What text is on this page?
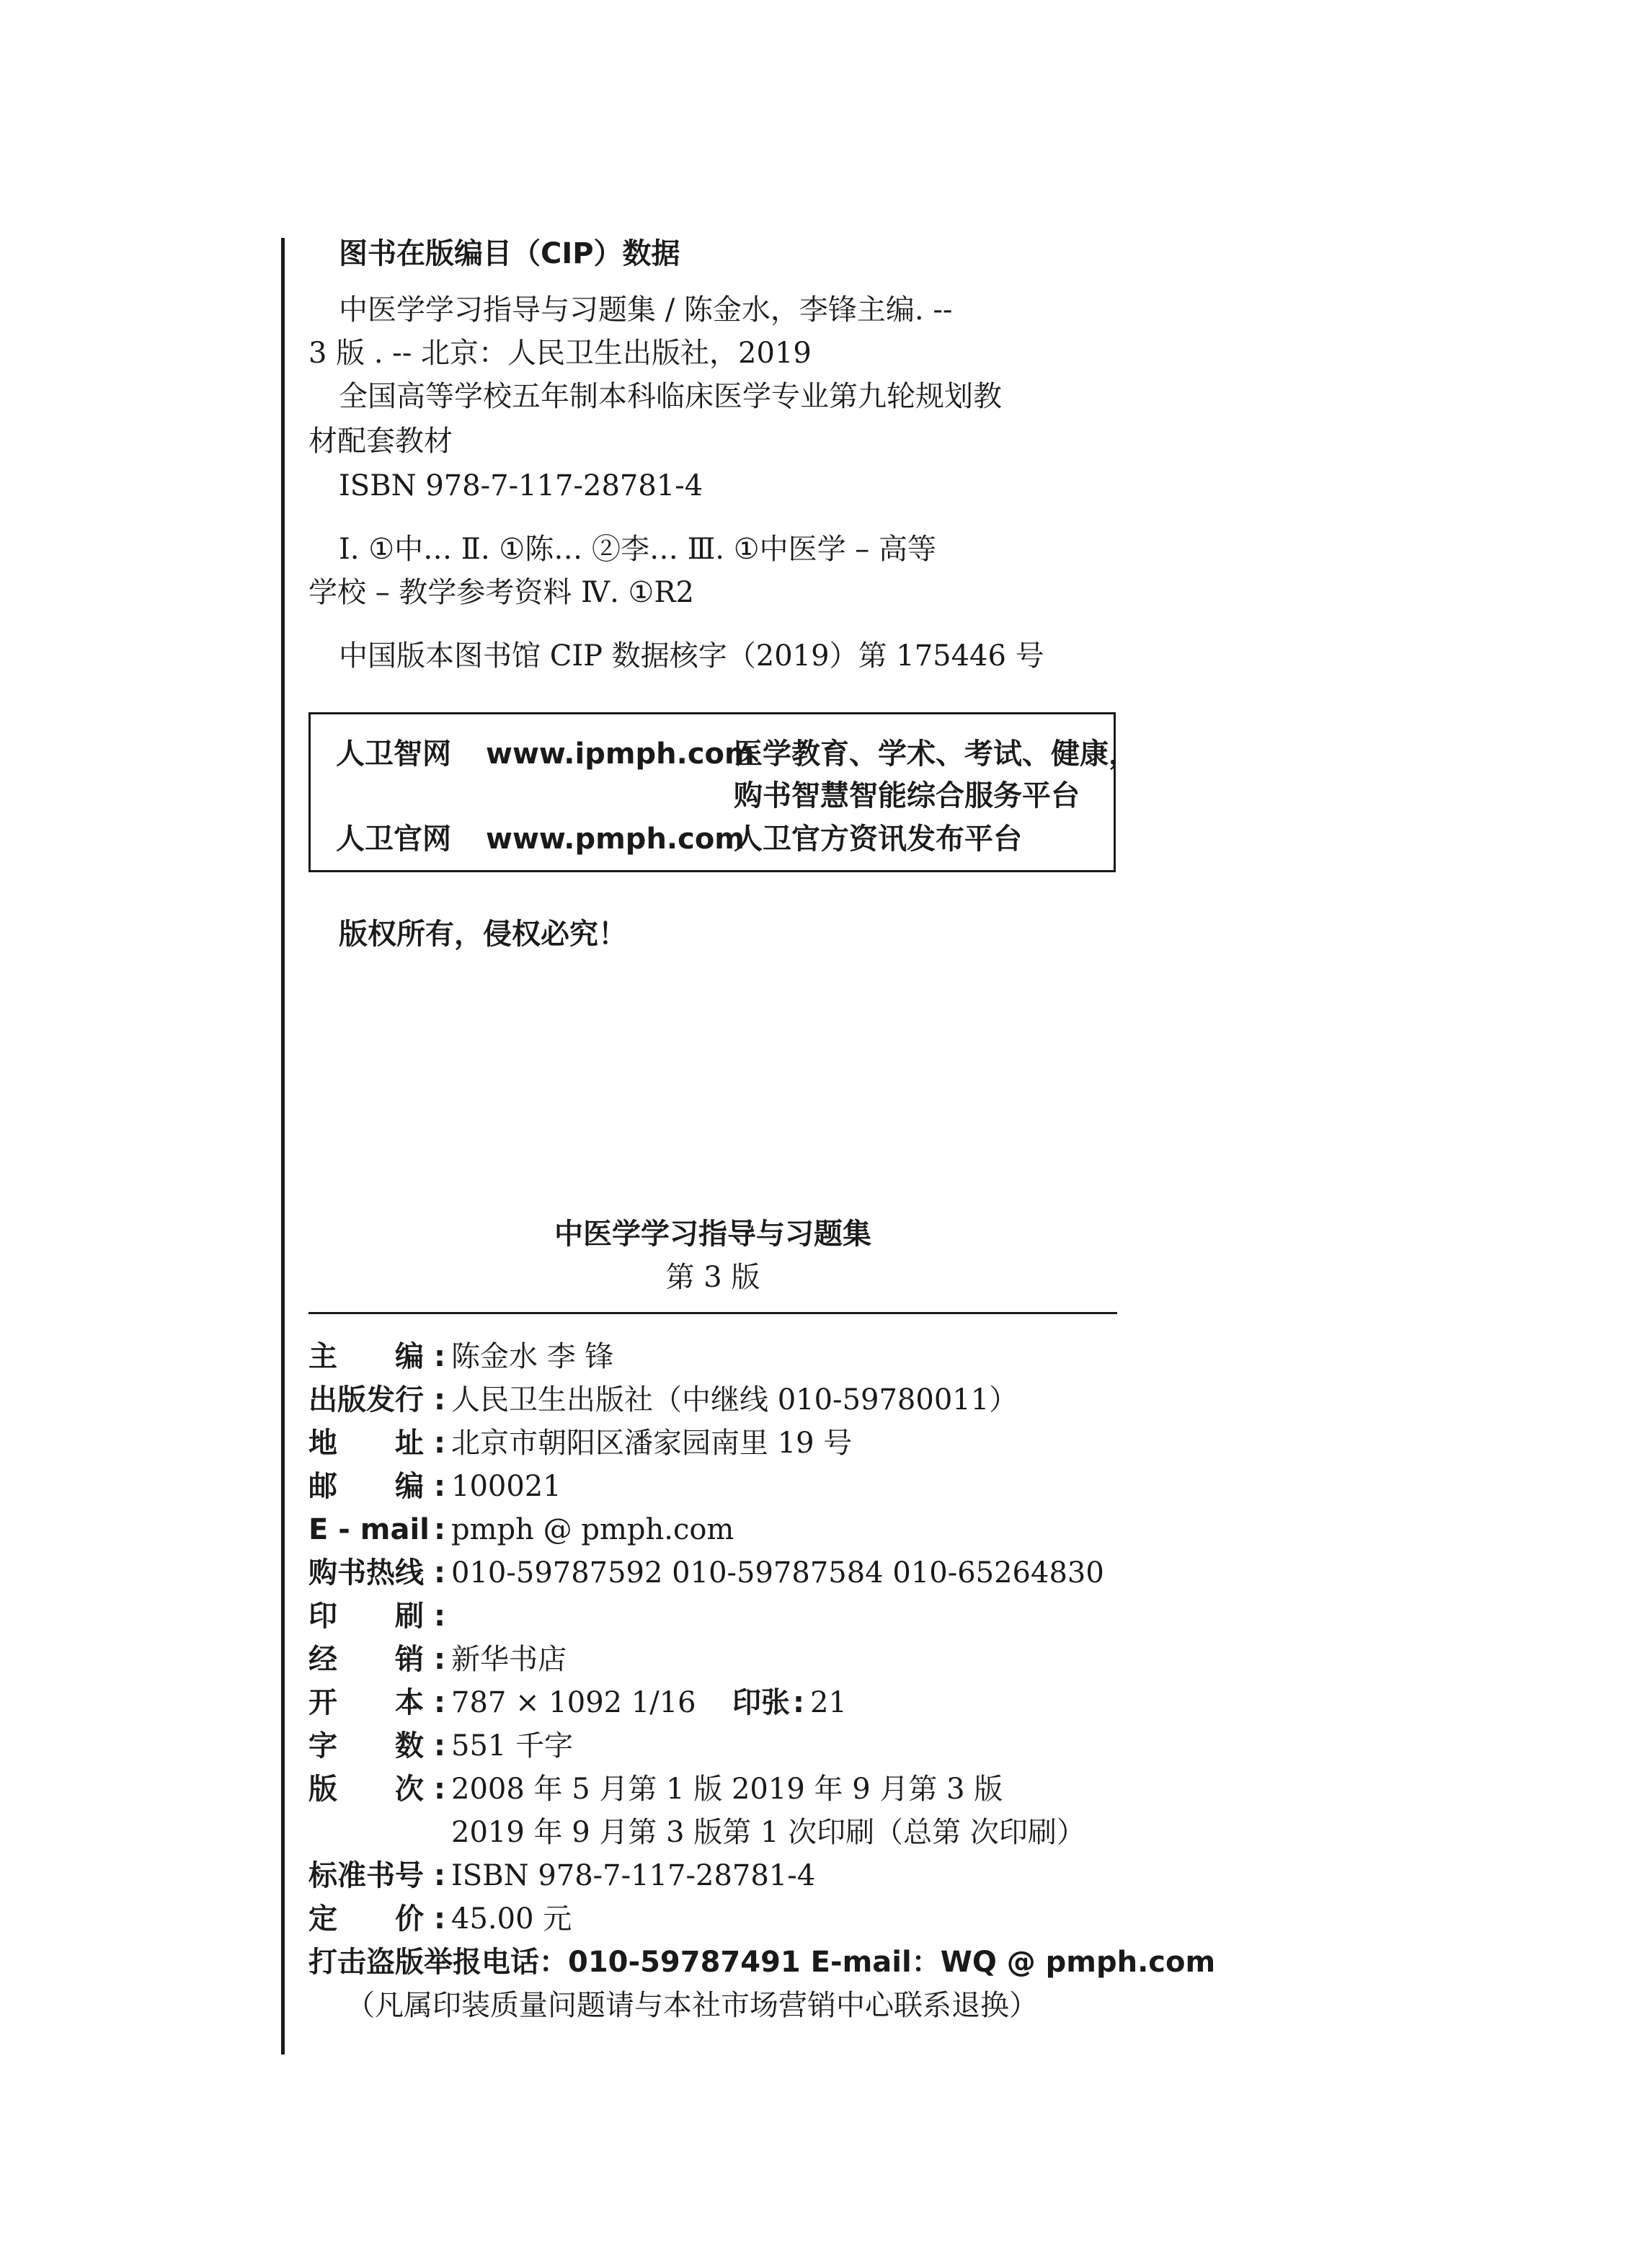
图书在版编目（CIP）数据
中医学学习指导与习题集 / 陈金水，李锋主编. --
3 版 . -- 北京：人民卫生出版社，2019
全国高等学校五年制本科临床医学专业第九轮规划教
材配套教材
ISBN 978-7-117-28781-4
Ⅰ. ①中… Ⅱ. ①陈… ②李… Ⅲ. ①中医学 – 高等
学校 – 教学参考资料 Ⅳ. ①R2
中国版本图书馆 CIP 数据核字（2019）第 175446 号
人卫智网 www.ipmph.com
医学教育、学术、考试、健康，
购书智慧智能综合服务平台
人卫官网 www.pmph.com
人卫官方资讯发布平台
版权所有，侵权必究！
中医学学习指导与习题集
第 3 版
主 编 : 陈金水 李 锋
出版发行 : 人民卫生出版社（中继线 010-59780011）
地 址 : 北京市朝阳区潘家园南里 19 号
邮 编 : 100021
E - mail : pmph @ pmph.com
购书热线 : 010-59787592 010-59787584 010-65264830
印 刷 :
经 销 : 新华书店
开 本 : 787 × 1092 1/16 印张 : 21
字 数 : 551 千字
版 次 : 2008 年 5 月第 1 版 2019 年 9 月第 3 版
2019 年 9 月第 3 版第 1 次印刷（总第 次印刷）
标准书号 : ISBN 978-7-117-28781-4
定 价 : 45.00 元
打击盗版举报电话：010-59787491 E-mail：WQ @ pmph.com
（凡属印装质量问题请与本社市场营销中心联系退换）
